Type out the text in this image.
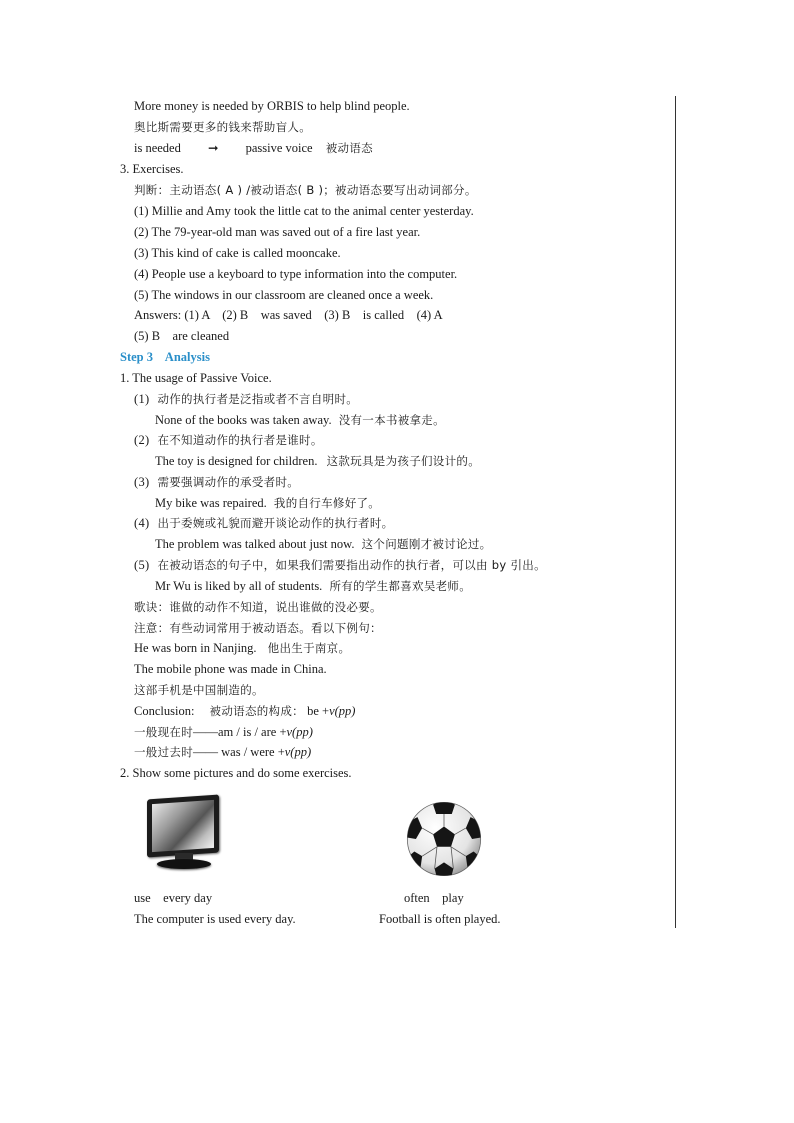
More money is needed by ORBIS to help blind people.
奥比斯需要更多的钱来帮助盲人。
is needed ➞ passive voice 被动语态
3. Exercises.
判断：主动语态( A ) /被动语态( B )；被动语态要写出动词部分。
(1) Millie and Amy took the little cat to the animal center yesterday.
(2) The 79-year-old man was saved out of a fire last year.
(3) This kind of cake is called mooncake.
(4) People use a keyboard to type information into the computer.
(5) The windows in our classroom are cleaned once a week.
Answers: (1) A    (2) B    was saved    (3) B    is called    (4) A
(5) B    are cleaned
Step 3    Analysis
1. The usage of Passive Voice.
(1) 动作的执行者是泛指或者不言自明时。
None of the books was taken away. 没有一本书被拿走。
(2) 在不知道动作的执行者是谁时。
The toy is designed for children. 这款玩具是为孩子们设计的。
(3) 需要强调动作的承受者时。
My bike was repaired. 我的自行车修好了。
(4) 出于委婉或礼貌而避开谈论动作的执行者时。
The problem was talked about just now. 这个问题刚才被讨论过。
(5) 在被动语态的句子中，如果我们需要指出动作的执行者，可以由 by 引出。
Mr Wu is liked by all of students. 所有的学生都喜欢吴老师。
歌诀：谁做的动作不知道，说出谁做的没必要。
注意：有些动词常用于被动语态。看以下例句：
He was born in Nanjing. 他出生于南京。
The mobile phone was made in China.
这部手机是中国制造的。
Conclusion: 被动语态的构成： be +v(pp)
一般现在时——am / is / are +v(pp)
一般过去时—— was / were +v(pp)
2. Show some pictures and do some exercises.
use    every day	often    play
The computer is used every day.	Football is often played.
